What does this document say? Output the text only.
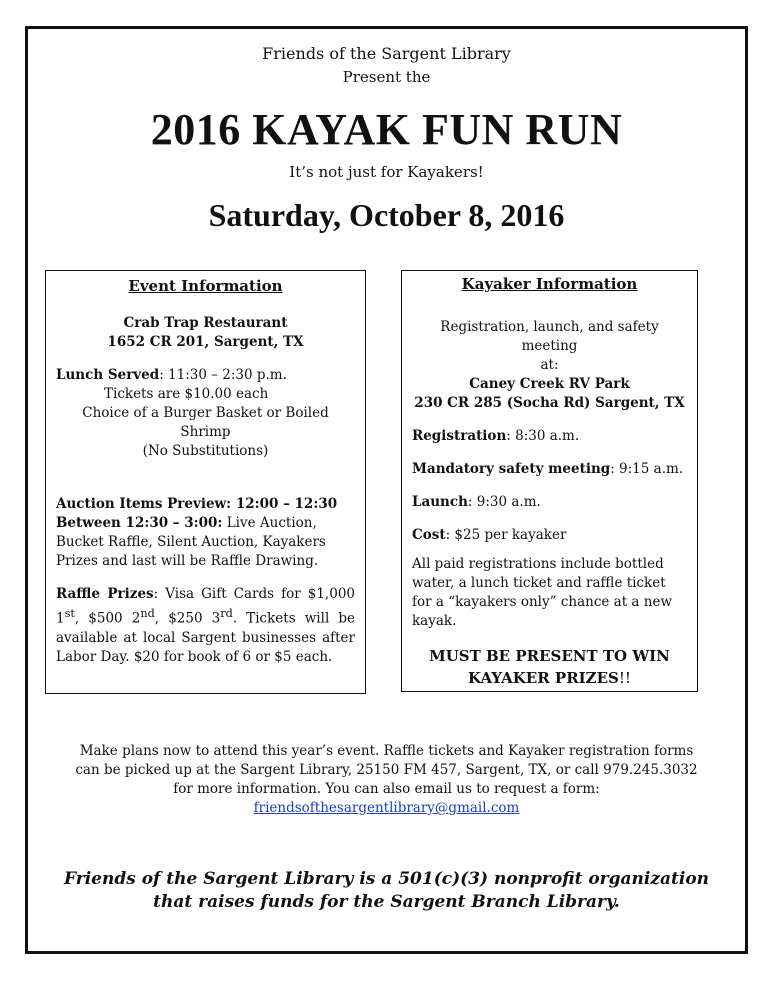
Friends of the Sargent Library
Present the
2016 KAYAK FUN RUN
It’s not just for Kayakers!
Saturday, October 8, 2016
Event Information

Crab Trap Restaurant

1652 CR 201, Sargent, TX

Lunch Served: 11:30 – 2:30 p.m.

Tickets are $10.00 each

Choice of a Burger Basket or Boiled Shrimp

(No Substitutions)

Auction Items Preview: 12:00 – 12:30

Between 12:30 – 3:00: Live Auction, Bucket Raffle, Silent Auction, Kayakers Prizes and last will be Raffle Drawing.

Raffle Prizes: Visa Gift Cards for $1,000 1st, $500 2nd, $250 3rd. Tickets will be available at local Sargent businesses after Labor Day. $20 for book of 6 or $5 each.

Kayaker Information

Registration, launch, and safety meeting

at:

Caney Creek RV Park

230 CR 285 (Socha Rd) Sargent, TX

Registration: 8:30 a.m.

Mandatory safety meeting: 9:15 a.m.

Launch: 9:30 a.m.

Cost: $25 per kayaker

All paid registrations include bottled water, a lunch ticket and raffle ticket for a “kayakers only” chance at a new kayak.

MUST BE PRESENT TO WIN

KAYAKER PRIZES!!

Make plans now to attend this year’s event. Raffle tickets and Kayaker registration forms can be picked up at the Sargent Library, 25150 FM 457, Sargent, TX, or call 979.245.3032 for more information. You can also email us to request a form:

friendsofthesargentlibrary@gmail.com

Friends of the Sargent Library is a 501(c)(3) nonprofit organization that raises funds for the Sargent Branch Library.
